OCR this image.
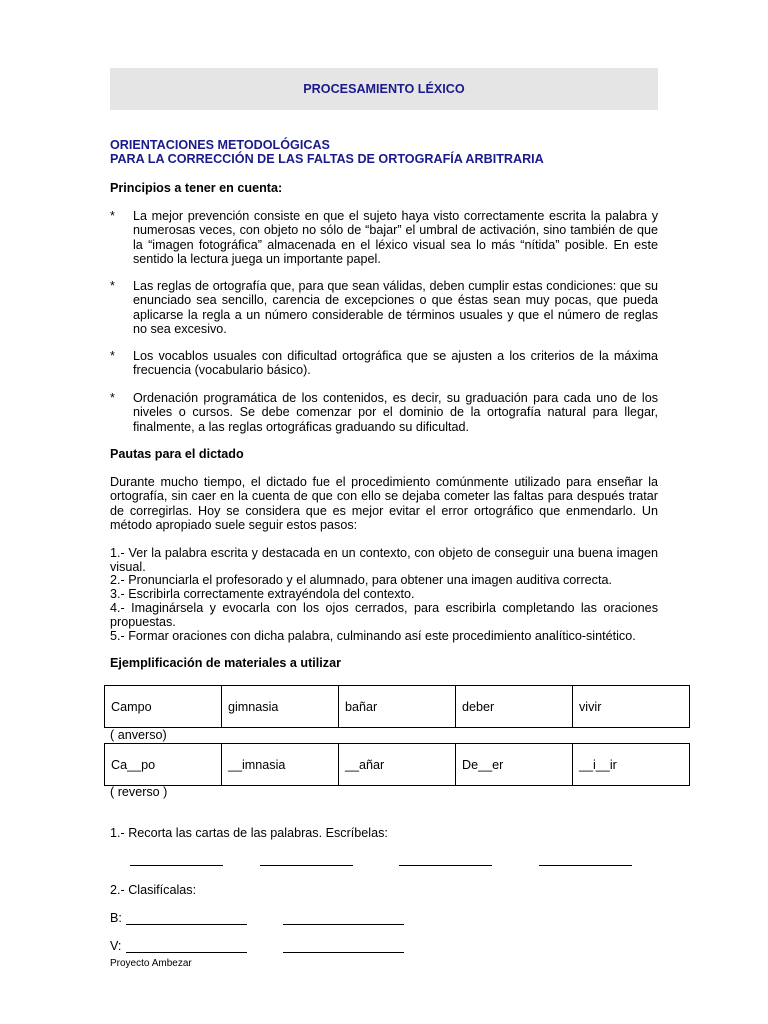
PROCESAMIENTO LÉXICO
ORIENTACIONES METODOLÓGICAS
PARA LA CORRECCIÓN DE LAS FALTAS DE ORTOGRAFÍA ARBITRARIA
Principios a tener en cuenta:
* La mejor prevención consiste en que el sujeto haya visto correctamente escrita la palabra y numerosas veces, con objeto no sólo de “bajar” el umbral de activación, sino también de que la “imagen fotográfica” almacenada en el léxico visual sea lo más “nítida” posible. En este sentido la lectura juega un importante papel.
* Las reglas de ortografía que, para que sean válidas, deben cumplir estas condiciones: que su enunciado sea sencillo, carencia de excepciones o que éstas sean muy pocas, que pueda aplicarse la regla a un número considerable de términos usuales y que el número de reglas no sea excesivo.
* Los vocablos usuales con dificultad ortográfica que se ajusten a los criterios de la máxima frecuencia (vocabulario básico).
* Ordenación programática de los contenidos, es decir, su graduación para cada uno de los niveles o cursos. Se debe comenzar por el dominio de la ortografía natural para llegar, finalmente, a las reglas ortográficas graduando su dificultad.
Pautas para el dictado
Durante mucho tiempo, el dictado fue el procedimiento comúnmente utilizado para enseñar la ortografía, sin caer en la cuenta de que con ello se dejaba cometer las faltas para después tratar de corregirlas. Hoy se considera que es mejor evitar el error ortográfico que enmendarlo. Un método apropiado suele seguir estos pasos:
1.- Ver la palabra escrita y destacada en un contexto, con objeto de conseguir una buena imagen visual.
2.- Pronunciarla el profesorado y el alumnado, para obtener una imagen auditiva correcta.
3.- Escribirla correctamente extrayéndola del contexto.
4.- Imaginársela y evocarla con los ojos cerrados, para escribirla completando las oraciones propuestas.
5.- Formar oraciones con dicha palabra, culminando así este procedimiento analítico-sintético.
Ejemplificación de materiales a utilizar
Campo	gimnasia	bañar	deber	vivir
( anverso)
Ca__po	__imnasia	__añar	De__er	__i__ir
( reverso )
1.- Recorta las cartas de las palabras. Escríbelas:
2.- Clasifícalas:
B:
V:
Proyecto Ambezar
